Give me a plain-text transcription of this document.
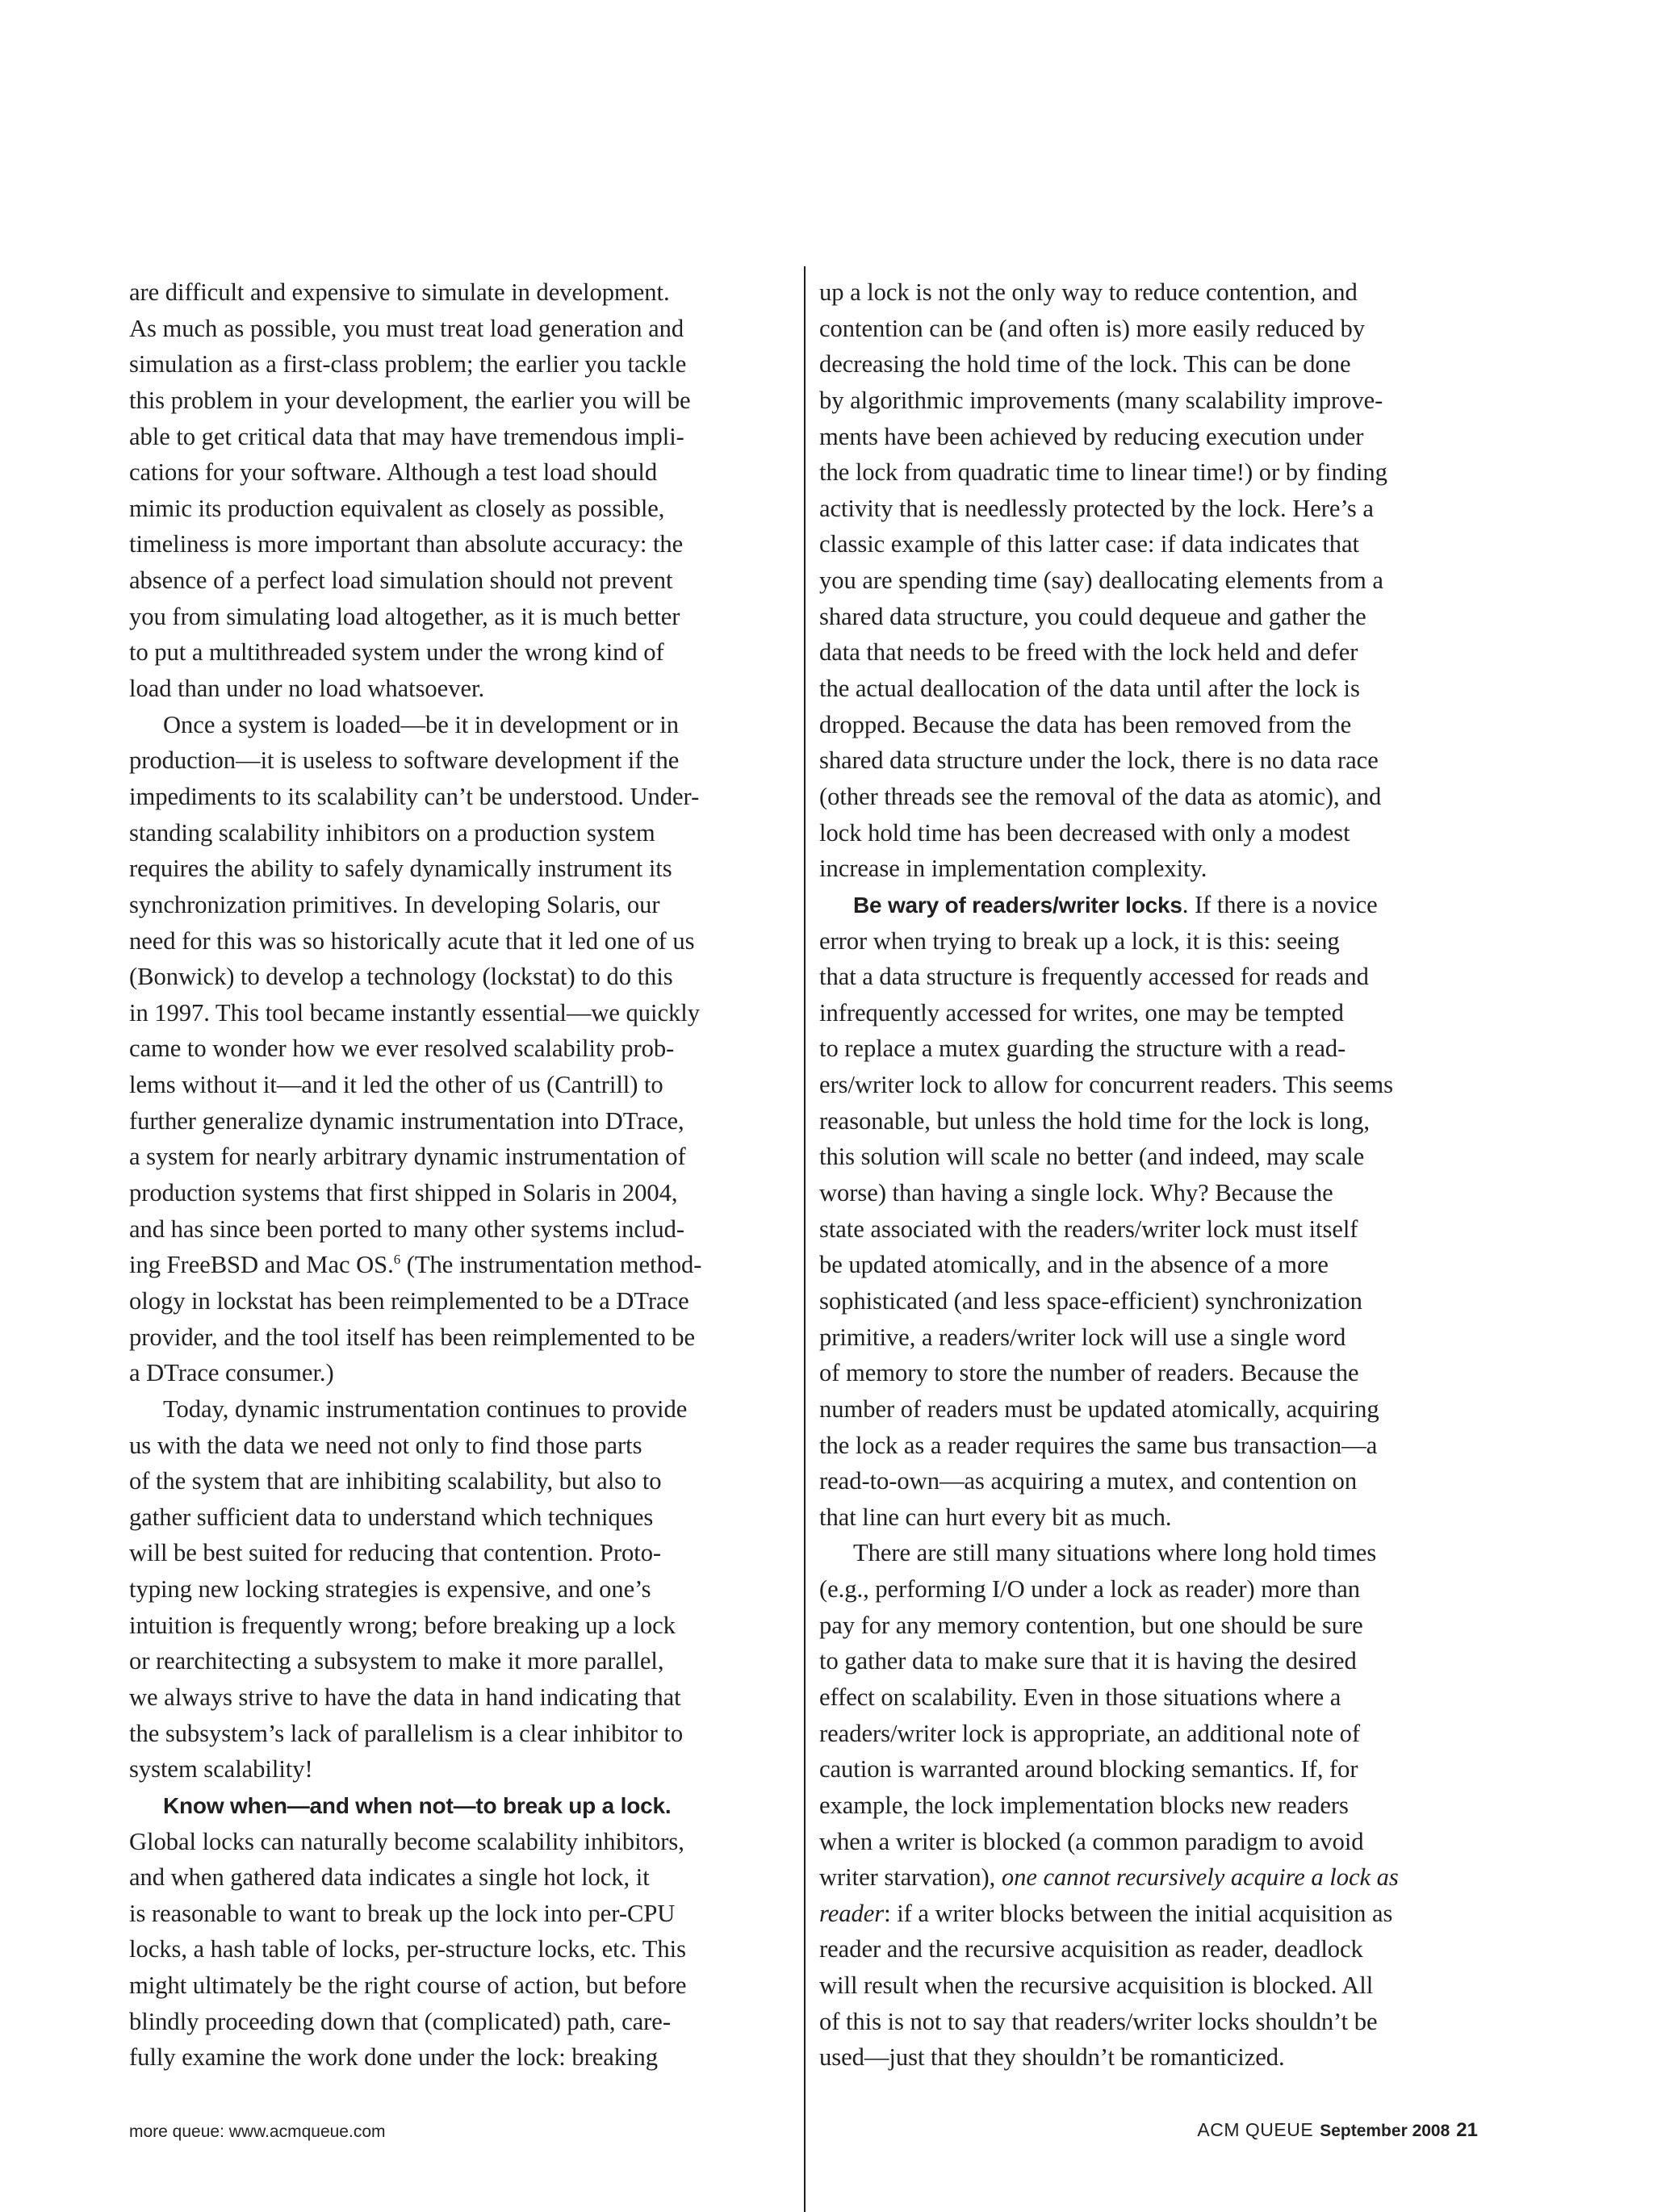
are difficult and expensive to simulate in development.
As much as possible, you must treat load generation and
simulation as a first-class problem; the earlier you tackle
this problem in your development, the earlier you will be
able to get critical data that may have tremendous impli-
cations for your software. Although a test load should
mimic its production equivalent as closely as possible,
timeliness is more important than absolute accuracy: the
absence of a perfect load simulation should not prevent
you from simulating load altogether, as it is much better
to put a multithreaded system under the wrong kind of
load than under no load whatsoever.
Once a system is loaded—be it in development or in
production—it is useless to software development if the
impediments to its scalability can’t be understood. Under-
standing scalability inhibitors on a production system
requires the ability to safely dynamically instrument its
synchronization primitives. In developing Solaris, our
need for this was so historically acute that it led one of us
(Bonwick) to develop a technology (lockstat) to do this
in 1997. This tool became instantly essential—we quickly
came to wonder how we ever resolved scalability prob-
lems without it—and it led the other of us (Cantrill) to
further generalize dynamic instrumentation into DTrace,
a system for nearly arbitrary dynamic instrumentation of
production systems that first shipped in Solaris in 2004,
and has since been ported to many other systems includ-
ing FreeBSD and Mac OS.$^6$ (The instrumentation method-
ology in lockstat has been reimplemented to be a DTrace
provider, and the tool itself has been reimplemented to be
a DTrace consumer.)
Today, dynamic instrumentation continues to provide
us with the data we need not only to find those parts
of the system that are inhibiting scalability, but also to
gather sufficient data to understand which techniques
will be best suited for reducing that contention. Proto-
typing new locking strategies is expensive, and one’s
intuition is frequently wrong; before breaking up a lock
or rearchitecting a subsystem to make it more parallel,
we always strive to have the data in hand indicating that
the subsystem’s lack of parallelism is a clear inhibitor to
system scalability!
Know when—and when not—to break up a lock.
Global locks can naturally become scalability inhibitors,
and when gathered data indicates a single hot lock, it
is reasonable to want to break up the lock into per-CPU
locks, a hash table of locks, per-structure locks, etc. This
might ultimately be the right course of action, but before
blindly proceeding down that (complicated) path, care-
fully examine the work done under the lock: breaking
up a lock is not the only way to reduce contention, and
contention can be (and often is) more easily reduced by
decreasing the hold time of the lock. This can be done
by algorithmic improvements (many scalability improve-
ments have been achieved by reducing execution under
the lock from quadratic time to linear time!) or by finding
activity that is needlessly protected by the lock. Here’s a
classic example of this latter case: if data indicates that
you are spending time (say) deallocating elements from a
shared data structure, you could dequeue and gather the
data that needs to be freed with the lock held and defer
the actual deallocation of the data until after the lock is
dropped. Because the data has been removed from the
shared data structure under the lock, there is no data race
(other threads see the removal of the data as atomic), and
lock hold time has been decreased with only a modest
increase in implementation complexity.
Be wary of readers/writer locks. If there is a novice
error when trying to break up a lock, it is this: seeing
that a data structure is frequently accessed for reads and
infrequently accessed for writes, one may be tempted
to replace a mutex guarding the structure with a read-
ers/writer lock to allow for concurrent readers. This seems
reasonable, but unless the hold time for the lock is long,
this solution will scale no better (and indeed, may scale
worse) than having a single lock. Why? Because the
state associated with the readers/writer lock must itself
be updated atomically, and in the absence of a more
sophisticated (and less space-efficient) synchronization
primitive, a readers/writer lock will use a single word
of memory to store the number of readers. Because the
number of readers must be updated atomically, acquiring
the lock as a reader requires the same bus transaction—a
read-to-own—as acquiring a mutex, and contention on
that line can hurt every bit as much.
There are still many situations where long hold times
(e.g., performing I/O under a lock as reader) more than
pay for any memory contention, but one should be sure
to gather data to make sure that it is having the desired
effect on scalability. Even in those situations where a
readers/writer lock is appropriate, an additional note of
caution is warranted around blocking semantics. If, for
example, the lock implementation blocks new readers
when a writer is blocked (a common paradigm to avoid
writer starvation), one cannot recursively acquire a lock as
reader: if a writer blocks between the initial acquisition as
reader and the recursive acquisition as reader, deadlock
will result when the recursive acquisition is blocked. All
of this is not to say that readers/writer locks shouldn’t be
used—just that they shouldn’t be romanticized.
more queue: www.acmqueue.com	ACM QUEUE September 2008 21
